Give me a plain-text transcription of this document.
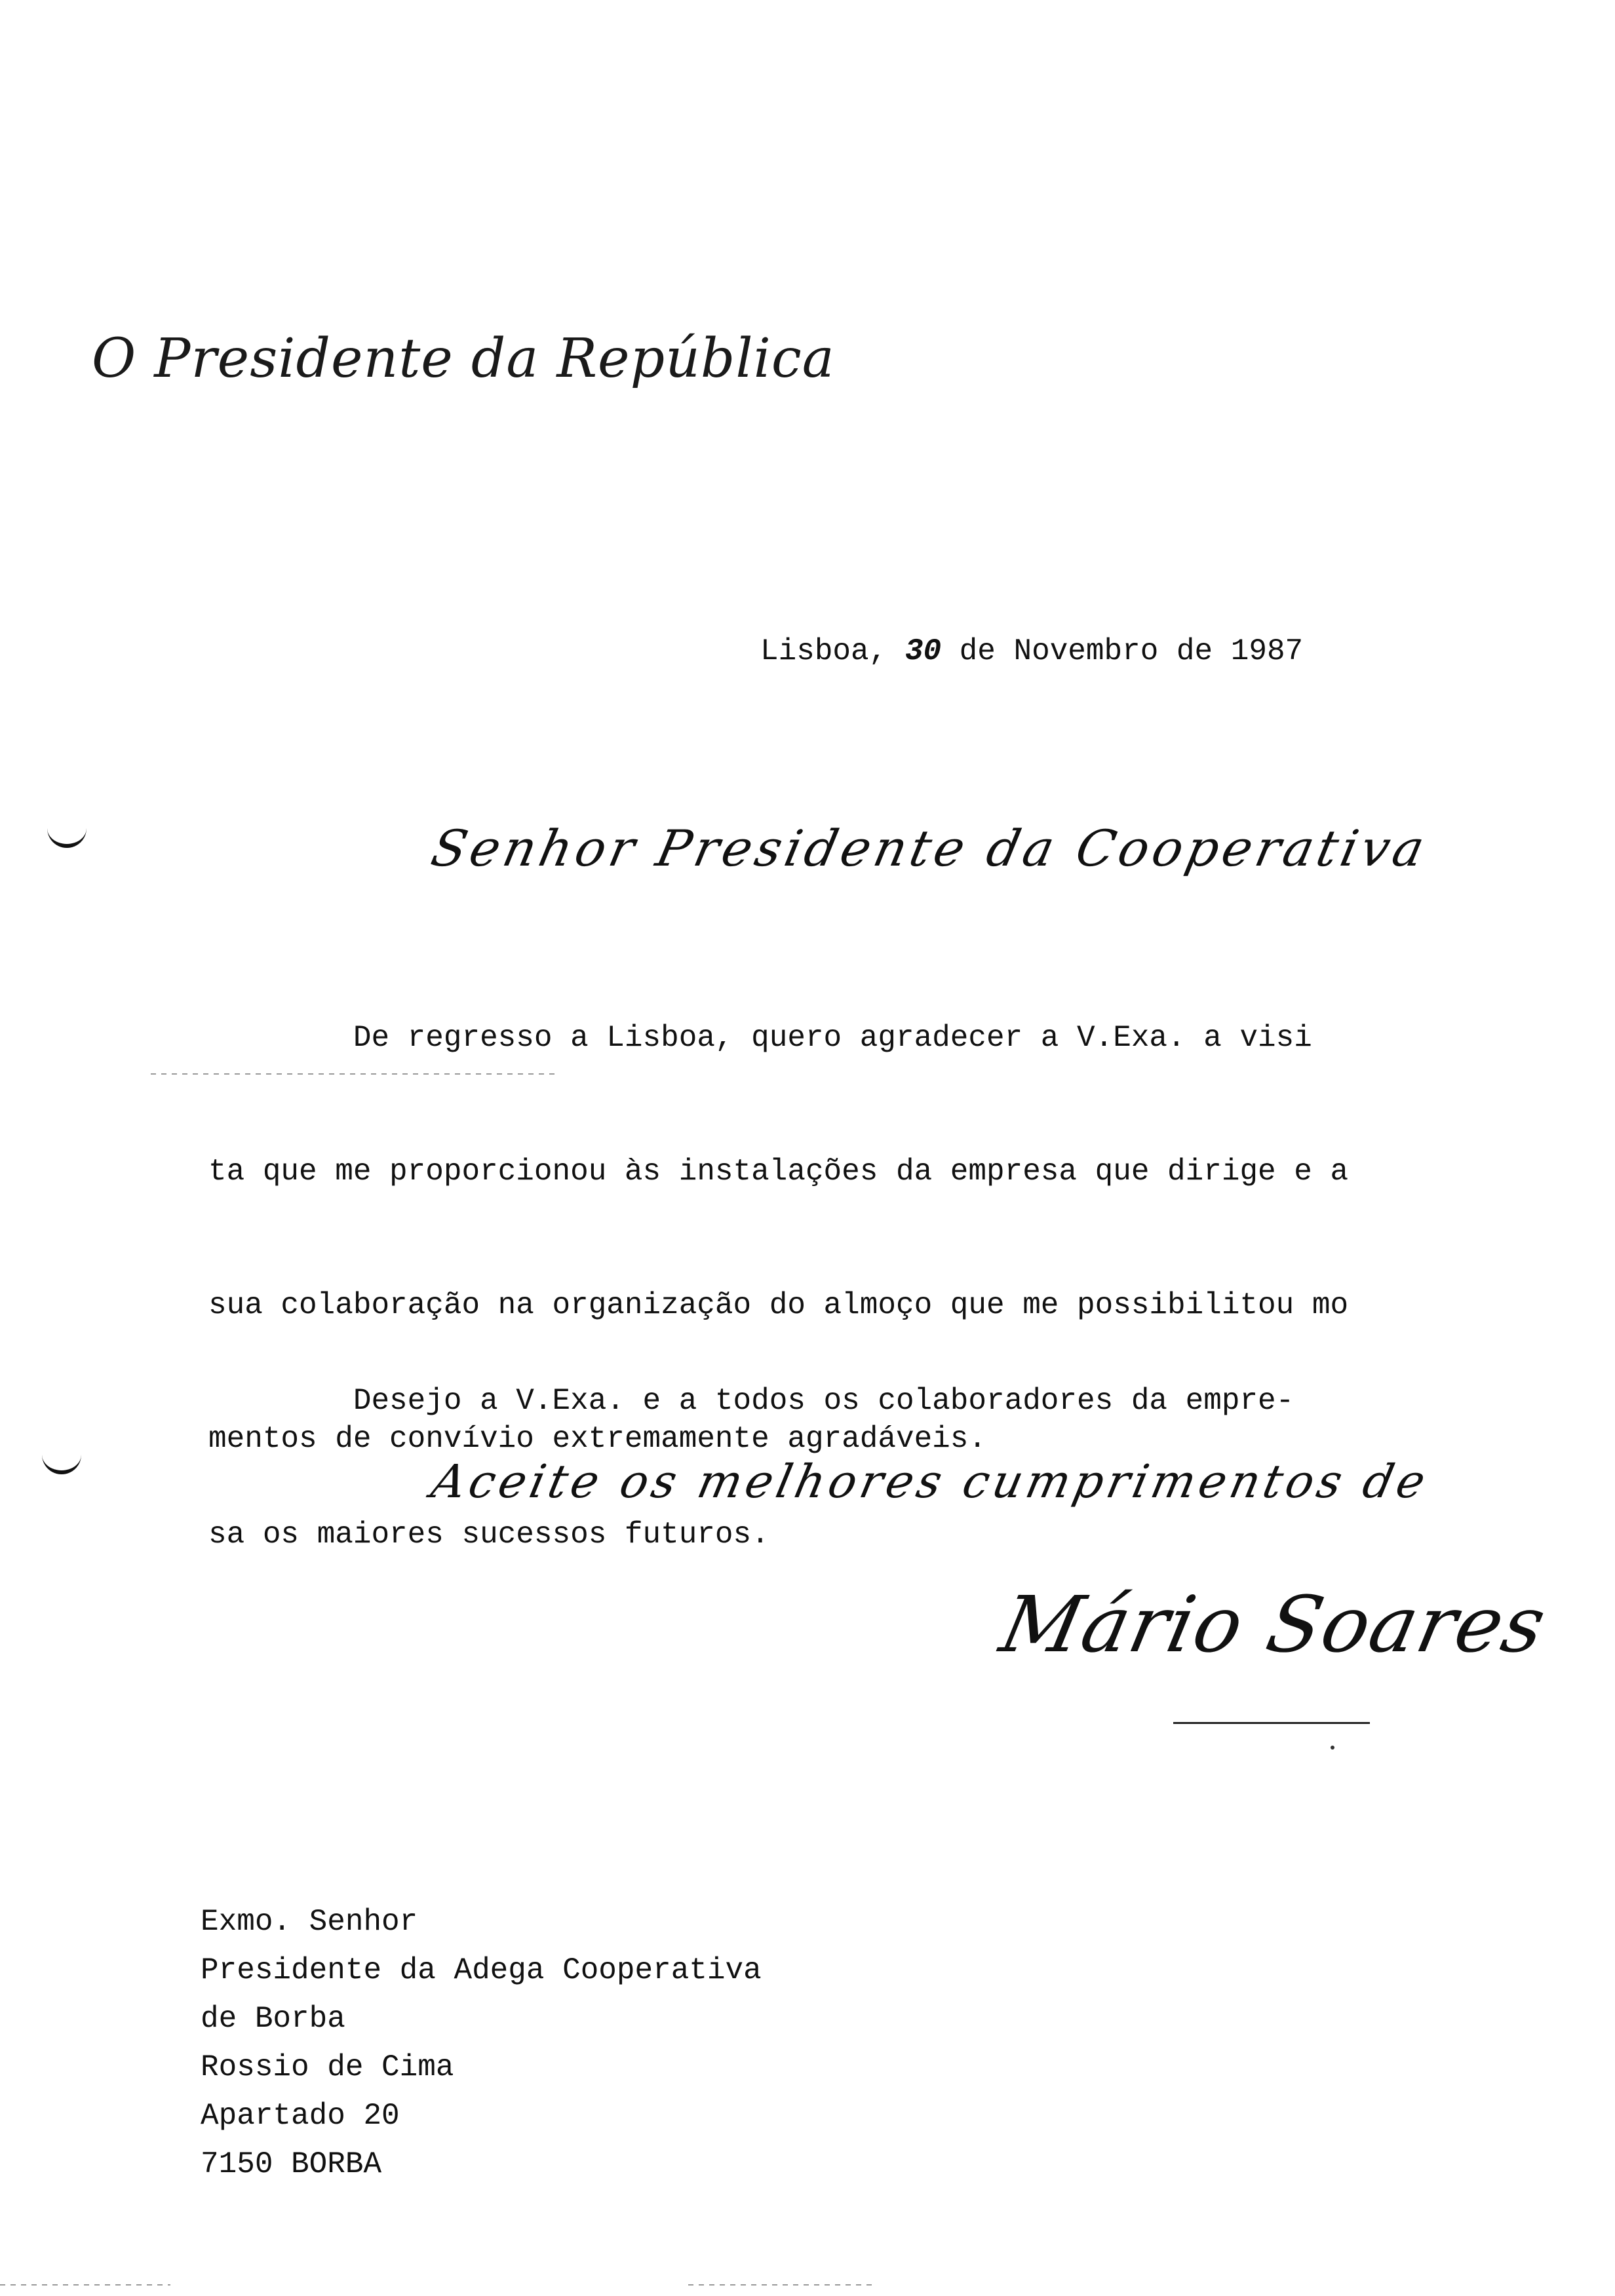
O Presidente da República
Lisboa, 30 de Novembro de 1987
Senhor Presidente da Cooperativa

De regresso a Lisboa, quero agradecer a V.Exa. a visi

ta que me proporcionou às instalações da empresa que dirige e a

sua colaboração na organização do almoço que me possibilitou mo

mentos de convívio extremamente agradáveis.

Desejo a V.Exa. e a todos os colaboradores da empre-

sa os maiores sucessos futuros.

Aceite os melhores cumprimentos de
Mário Soares
Exmo. Senhor
Presidente da Adega Cooperativa
de Borba
Rossio de Cima
Apartado 20
7150 BORBA
